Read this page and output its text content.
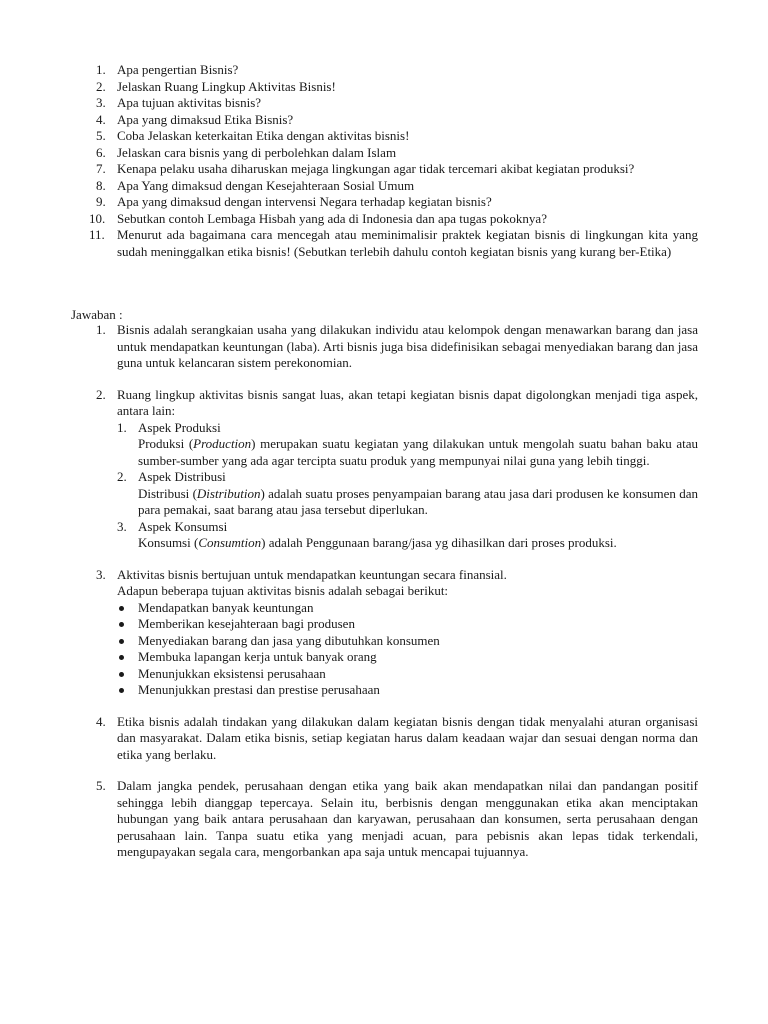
1. Apa pengertian Bisnis?
2. Jelaskan Ruang Lingkup Aktivitas Bisnis!
3. Apa tujuan aktivitas bisnis?
4. Apa yang dimaksud Etika Bisnis?
5. Coba Jelaskan keterkaitan Etika dengan aktivitas bisnis!
6. Jelaskan cara bisnis yang di perbolehkan dalam Islam
7. Kenapa pelaku usaha diharuskan mejaga lingkungan agar tidak tercemari akibat kegiatan produksi?
8. Apa Yang dimaksud dengan Kesejahteraan Sosial Umum
9. Apa yang dimaksud dengan intervensi Negara terhadap kegiatan bisnis?
10. Sebutkan contoh Lembaga Hisbah yang ada di Indonesia dan apa tugas pokoknya?
11. Menurut ada bagaimana cara mencegah atau meminimalisir praktek kegiatan bisnis di lingkungan kita yang sudah meninggalkan etika bisnis! (Sebutkan terlebih dahulu contoh kegiatan bisnis yang kurang ber-Etika)
Jawaban :
1. Bisnis adalah serangkaian usaha yang dilakukan individu atau kelompok dengan menawarkan barang dan jasa untuk mendapatkan keuntungan (laba). Arti bisnis juga bisa didefinisikan sebagai menyediakan barang dan jasa guna untuk kelancaran sistem perekonomian.
2. Ruang lingkup aktivitas bisnis sangat luas, akan tetapi kegiatan bisnis dapat digolongkan menjadi tiga aspek, antara lain:
1. Aspek Produksi
Produksi (Production) merupakan suatu kegiatan yang dilakukan untuk mengolah suatu bahan baku atau sumber-sumber yang ada agar tercipta suatu produk yang mempunyai nilai guna yang lebih tinggi.
2. Aspek Distribusi
Distribusi (Distribution) adalah suatu proses penyampaian barang atau jasa dari produsen ke konsumen dan para pemakai, saat barang atau jasa tersebut diperlukan.
3. Aspek Konsumsi
Konsumsi (Consumtion) adalah Penggunaan barang/jasa yg dihasilkan dari proses produksi.
3. Aktivitas bisnis bertujuan untuk mendapatkan keuntungan secara finansial.
Adapun beberapa tujuan aktivitas bisnis adalah sebagai berikut:
Mendapatkan banyak keuntungan
Memberikan kesejahteraan bagi produsen
Menyediakan barang dan jasa yang dibutuhkan konsumen
Membuka lapangan kerja untuk banyak orang
Menunjukkan eksistensi perusahaan
Menunjukkan prestasi dan prestise perusahaan
4. Etika bisnis adalah tindakan yang dilakukan dalam kegiatan bisnis dengan tidak menyalahi aturan organisasi dan masyarakat. Dalam etika bisnis, setiap kegiatan harus dalam keadaan wajar dan sesuai dengan norma dan etika yang berlaku.
5. Dalam jangka pendek, perusahaan dengan etika yang baik akan mendapatkan nilai dan pandangan positif sehingga lebih dianggap tepercaya. Selain itu, berbisnis dengan menggunakan etika akan menciptakan hubungan yang baik antara perusahaan dan karyawan, perusahaan dan konsumen, serta perusahaan dengan perusahaan lain. Tanpa suatu etika yang menjadi acuan, para pebisnis akan lepas tidak terkendali, mengupayakan segala cara, mengorbankan apa saja untuk mencapai tujuannya.
